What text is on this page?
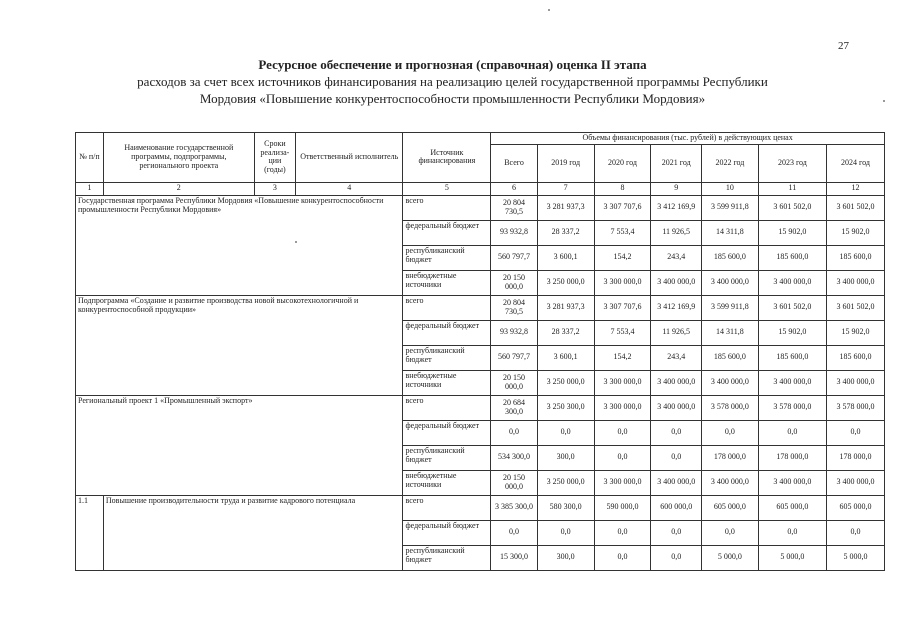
27
Ресурсное обеспечение и прогнозная (справочная) оценка II этапа
расходов за счет всех источников финансирования на реализацию целей государственной программы Республики
Мордовия «Повышение конкурентоспособности промышленности Республики Мордовия»
№ п/п	Наименование государственной программы, подпрограммы, регионального проекта	Сроки реализа- ции (годы)	Ответственный исполнитель	Источник финансирования	Объемы финансирования (тыс. рублей) в действующих ценах						
					Всего	2019 год	2020 год	2021 год	2022 год	2023 год	2024 год
1	2	3	4	5	6	7	8	9	10	11	12
Государственная программа Республики Мордовия «Повышение конкурентоспособности промышленности Республики Мордовия»				всего	20 804 730,5	3 281 937,3	3 307 707,6	3 412 169,9	3 599 911,8	3 601 502,0	3 601 502,0
				федеральный бюджет	93 932,8	28 337,2	7 553,4	11 926,5	14 311,8	15 902,0	15 902,0
				республиканский бюджет	560 797,7	3 600,1	154,2	243,4	185 600,0	185 600,0	185 600,0
				внебюджетные источники	20 150 000,0	3 250 000,0	3 300 000,0	3 400 000,0	3 400 000,0	3 400 000,0	3 400 000,0
Подпрограмма «Создание и развитие производства новой высокотехнологичной и конкурентоспособной продукции»				всего	20 804 730,5	3 281 937,3	3 307 707,6	3 412 169,9	3 599 911,8	3 601 502,0	3 601 502,0
				федеральный бюджет	93 932,8	28 337,2	7 553,4	11 926,5	14 311,8	15 902,0	15 902,0
				республиканский бюджет	560 797,7	3 600,1	154,2	243,4	185 600,0	185 600,0	185 600,0
				внебюджетные источники	20 150 000,0	3 250 000,0	3 300 000,0	3 400 000,0	3 400 000,0	3 400 000,0	3 400 000,0
Региональный проект 1 «Промышленный экспорт»				всего	20 684 300,0	3 250 300,0	3 300 000,0	3 400 000,0	3 578 000,0	3 578 000,0	3 578 000,0
				федеральный бюджет	0,0	0,0	0,0	0,0	0,0	0,0	0,0
				республиканский бюджет	534 300,0	300,0	0,0	0,0	178 000,0	178 000,0	178 000,0
				внебюджетные источники	20 150 000,0	3 250 000,0	3 300 000,0	3 400 000,0	3 400 000,0	3 400 000,0	3 400 000,0
1.1	Повышение производительности труда и развитие кадрового потенциала			всего	3 385 300,0	580 300,0	590 000,0	600 000,0	605 000,0	605 000,0	605 000,0
				федеральный бюджет	0,0	0,0	0,0	0,0	0,0	0,0	0,0
				республиканский бюджет	15 300,0	300,0	0,0	0,0	5 000,0	5 000,0	5 000,0
